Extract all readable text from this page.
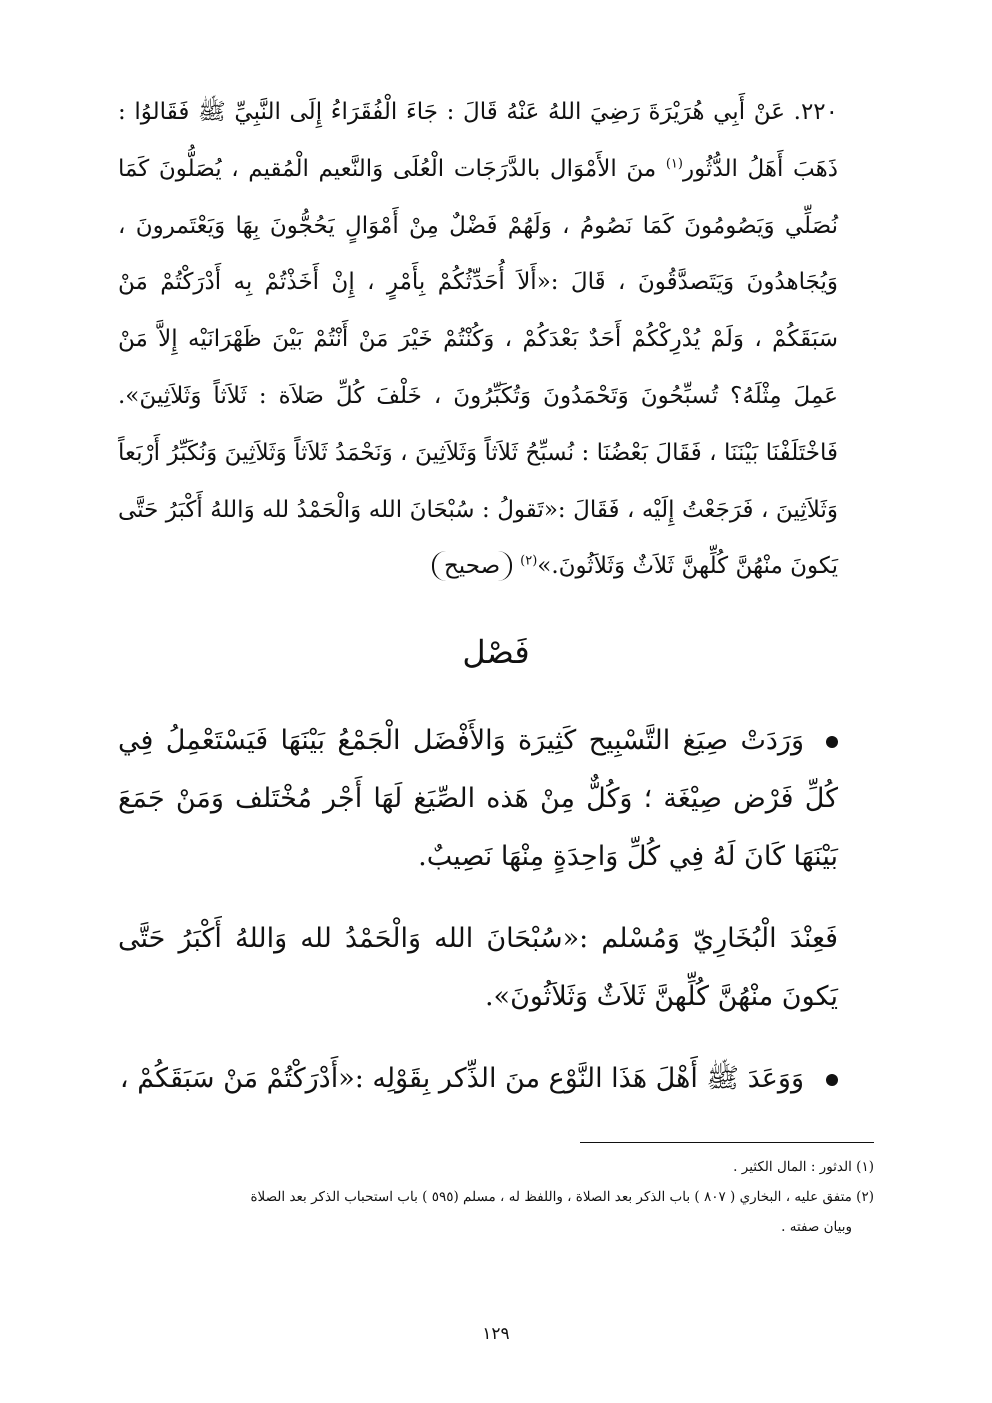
٢٢٠. عَنْ أَبِي هُرَيْرَةَ رَضِيَ اللهُ عَنْهُ قَالَ : جَاءَ الْفُقَرَاءُ إِلَى النَّبِيِّ ﷺ فَقَالوُا : ذَهَبَ أَهَلُ الدُّثُور$^{(١)}$ منَ الأَمْوَال بالدَّرَجَات الْعُلَى وَالنَّعيم الْمُقيم ، يُصَلُّونَ كَمَا نُصَلِّي وَيَصُومُونَ كَمَا نَصُومُ ، وَلَهُمْ فَضْلٌ مِنْ أَمْوَالٍ يَحُجُّونَ بِهَا وَيَعْتَمرونَ ، وَيُجَاهدُونَ وَيَتَصدَّقُونَ ، قَالَ :«أَلاَ أُحَدِّثُكُمْ بِأَمْرٍ ، إِنْ أَخَذْتُمْ بِه أَدْرَكْتُمْ مَنْ سَبَقَكُمْ ، وَلَمْ يُدْرِكْكُمْ أَحَدٌ بَعْدَكُمْ ، وَكُنْتُمْ خَيْرَ مَنْ أَنْتُمْ بَيْنَ ظَهْرَانَيْه إِلاَّ مَنْ عَمِلَ مِثْلَهُ؟ تُسبِّحُونَ وَتَحْمَدُونَ وَتُكَبِّرُونَ ، خَلْفَ كُلِّ صَلاَة : ثَلاَثاً وَثَلاَثِينَ». فَاخْتَلَفْنَا بَيْنَنَا ، فَقَالَ بَعْضُنَا : نُسبِّحُ ثَلاَثاً وَثَلاَثِينَ ، وَنَحْمَدُ ثَلاَثاً وَثَلاَثِينَ وَنُكَبِّرُ أَرْبَعاً وَثَلاَثِينَ ، فَرَجَعْتُ إِلَيْه ، فَقَالَ :«تَقولُ : سُبْحَانَ الله وَالْحَمْدُ لله وَاللهُ أَكْبَرُ حَتَّى يَكونَ منْهُنَّ كُلِّهنَّ ثَلاَثٌ وَثَلاَثُونَ.»$^{(٢)}$صحيح
فَصْل
وَرَدَتْ صِيَغ التَّسْبِيح كَثِيرَة وَالأَفْضَل الْجَمْعُ بَيْنَهَا فَيَسْتَعْمِلُ فِي كُلِّ فَرْض صِيْغَة ؛ وَكُلٌّ مِنْ هَذه الصِّيَغ لَهَا أَجْر مُخْتَلف وَمَنْ جَمَعَ بَيْنَهَا كَانَ لَهُ فِي كُلِّ وَاحِدَةٍ مِنْهَا نَصِيبٌ.
فَعِنْدَ الْبُخَارِيّ وَمُسْلم :«سُبْحَانَ الله وَالْحَمْدُ لله وَاللهُ أَكْبَرُ حَتَّى يَكونَ منْهُنَّ كُلِّهنَّ ثَلاَثٌ وَثَلاَثُونَ».
وَوَعَدَ ﷺ أَهْلَ هَذَا النَّوْع منَ الذِّكر بِقَوْلِه :«أَدْرَكْتُمْ مَنْ سَبَقَكُمْ ،
(١) الدثور : المال الكثير .
(٢) متفق عليه ، البخاري ( ٨٠٧ ) باب الذكر بعد الصلاة ، واللفظ له ، مسلم (٥٩٥ ) باب استحباب الذكر بعد الصلاة
وبيان صفته .
١٢٩
